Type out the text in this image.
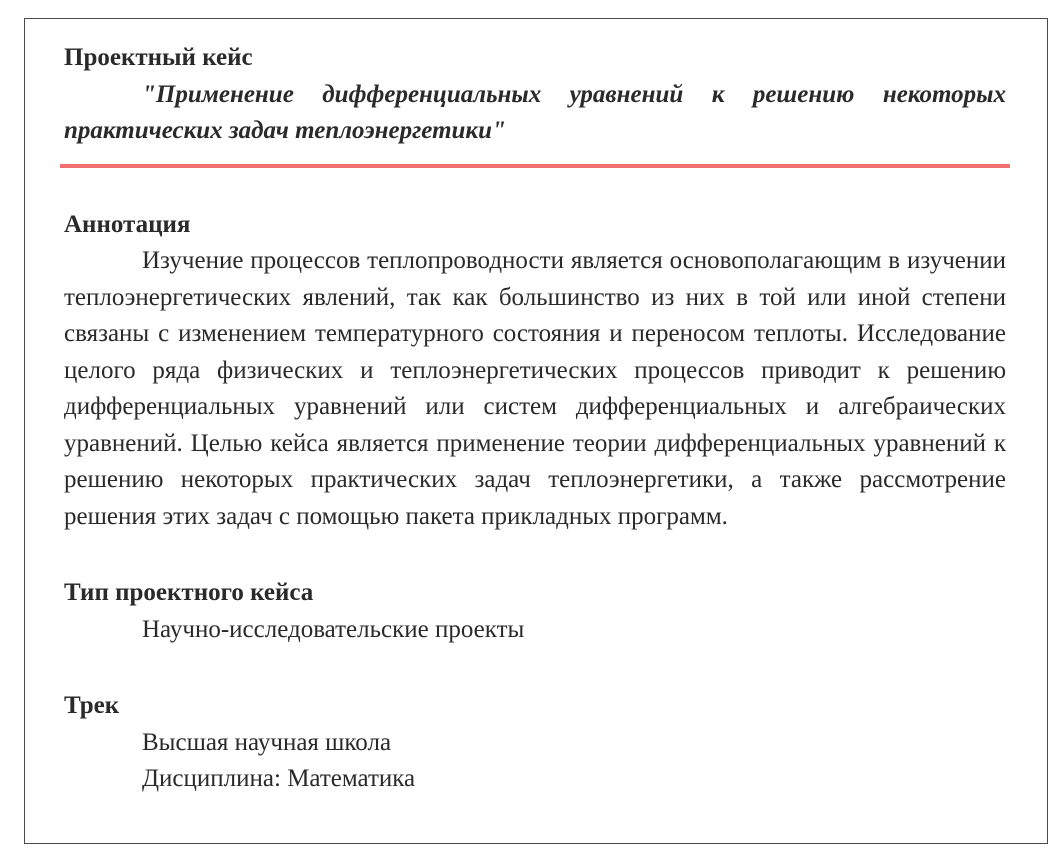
Проектный кейс

"Применение дифференциальных уравнений к решению некоторых практических задач теплоэнергетики"

Аннотация

Изучение процессов теплопроводности является основополагающим в изучении теплоэнергетических явлений, так как большинство из них в той или иной степени связаны с изменением температурного состояния и переносом теплоты. Исследование целого ряда физических и теплоэнергетических процессов приводит к решению дифференциальных уравнений или систем дифференциальных и алгебраических уравнений. Целью кейса является применение теории дифференциальных уравнений к решению некоторых практических задач теплоэнергетики, а также рассмотрение решения этих задач с помощью пакета прикладных программ.

Тип проектного кейса

Научно-исследовательские проекты

Трек

Высшая научная школа

Дисциплина: Математика
